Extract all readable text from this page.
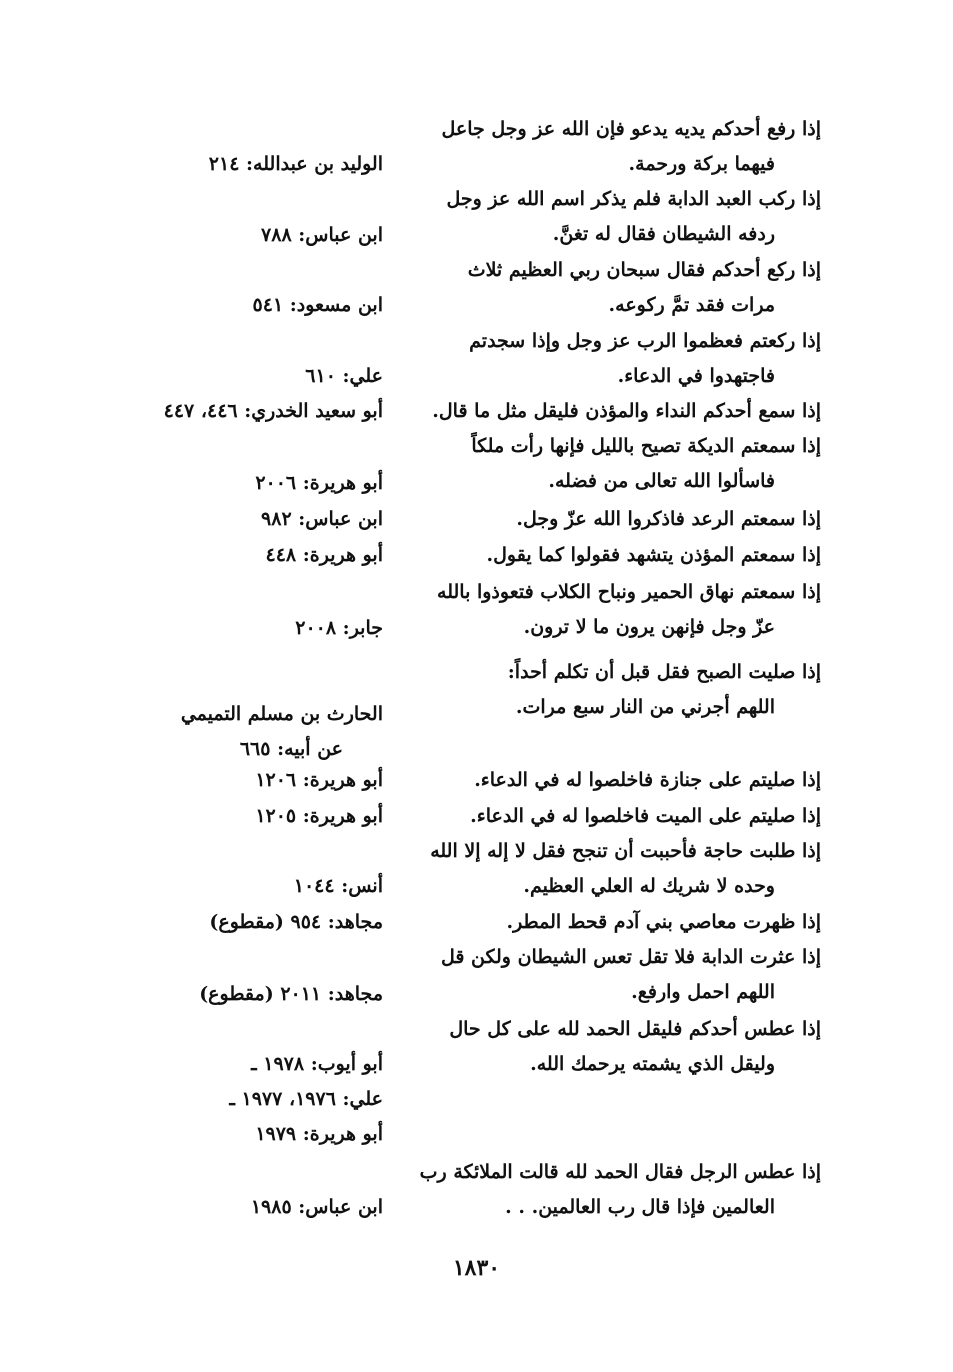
إذا رفع أحدكم يديه يدعو فإن الله عز وجل جاعل
فيهما بركة ورحمة.
الوليد بن عبدالله: ٢١٤
إذا ركب العبد الدابة فلم يذكر اسم الله عز وجل
ردفه الشيطان فقال له تغنَّ.
ابن عباس: ٧٨٨
إذا ركع أحدكم فقال سبحان ربي العظيم ثلاث
مرات فقد تمَّ ركوعه.
ابن مسعود: ٥٤١
إذا ركعتم فعظموا الرب عز وجل وإذا سجدتم
فاجتهدوا في الدعاء.
علي: ٦١٠
إذا سمع أحدكم النداء والمؤذن فليقل مثل ما قال.
أبو سعيد الخدري: ٤٤٦، ٤٤٧
إذا سمعتم الديكة تصيح بالليل فإنها رأت ملكاً
فاسألوا الله تعالى من فضله.
أبو هريرة: ٢٠٠٦
إذا سمعتم الرعد فاذكروا الله عزّ وجل.
ابن عباس: ٩٨٢
إذا سمعتم المؤذن يتشهد فقولوا كما يقول.
أبو هريرة: ٤٤٨
إذا سمعتم نهاق الحمير ونباح الكلاب فتعوذوا بالله
عزّ وجل فإنهن يرون ما لا ترون.
جابر: ٢٠٠٨
إذا صليت الصبح فقل قبل أن تكلم أحداً:
اللهم أجرني من النار سبع مرات.
الحارث بن مسلم التميمي
عن أبيه: ٦٦٥
إذا صليتم على جنازة فاخلصوا له في الدعاء.
أبو هريرة: ١٢٠٦
إذا صليتم على الميت فاخلصوا له في الدعاء.
أبو هريرة: ١٢٠٥
إذا طلبت حاجة فأحببت أن تنجح فقل لا إله إلا الله
وحده لا شريك له العلي العظيم.
أنس: ١٠٤٤
إذا ظهرت معاصي بني آدم قحط المطر.
مجاهد: ٩٥٤ (مقطوع)
إذا عثرت الدابة فلا تقل تعس الشيطان ولكن قل
اللهم احمل وارفع.
مجاهد: ٢٠١١ (مقطوع)
إذا عطس أحدكم فليقل الحمد لله على كل حال
وليقل الذي يشمته يرحمك الله.
أبو أيوب: ١٩٧٨ ـ
علي: ١٩٧٦، ١٩٧٧ ـ
أبو هريرة: ١٩٧٩
إذا عطس الرجل فقال الحمد لله قالت الملائكة رب
العالمين فإذا قال رب العالمين. . .
ابن عباس: ١٩٨٥
١٨٣٠
